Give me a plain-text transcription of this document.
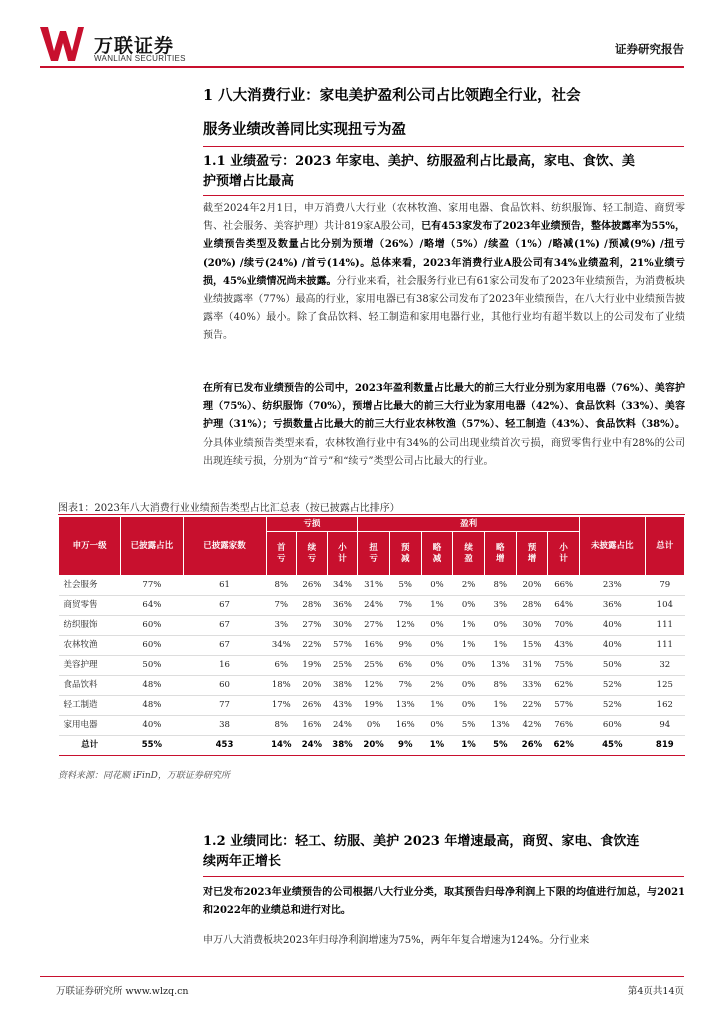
万联证券
WANLIAN SECURITIES
证券研究报告
1 八大消费行业：家电美护盈利公司占比领跑全行业，社会
服务业绩改善同比实现扭亏为盈
1.1 业绩盈亏：2023 年家电、美护、纺服盈利占比最高，家电、食饮、美
护预增占比最高
截至2024年2月1日，申万消费八大行业（农林牧渔、家用电器、食品饮料、纺织服饰、轻工制造、商贸零售、社会服务、美容护理）共计819家A股公司，已有453家发布了2023年业绩预告，整体披露率为55%，业绩预告类型及数量占比分别为预增（26%）/略增（5%）/续盈（1%）/略减(1%) /预减(9%) /扭亏(20%) /续亏(24%) /首亏(14%)。总体来看，2023年消费行业A股公司有34%业绩盈利，21%业绩亏损，45%业绩情况尚未披露。分行业来看，社会服务行业已有61家公司发布了2023年业绩预告，为消费板块业绩披露率（77%）最高的行业，家用电器已有38家公司发布了2023年业绩预告，在八大行业中业绩预告披露率（40%）最小。除了食品饮料、轻工制造和家用电器行业，其他行业均有超半数以上的公司发布了业绩预告。
在所有已发布业绩预告的公司中，2023年盈利数量占比最大的前三大行业分别为家用电器（76%）、美容护理（75%）、纺织服饰（70%），预增占比最大的前三大行业为家用电器（42%）、食品饮料（33%）、美容护理（31%）；亏损数量占比最大的前三大行业农林牧渔（57%）、轻工制造（43%）、食品饮料（38%）。分具体业绩预告类型来看，农林牧渔行业中有34%的公司出现业绩首次亏损，商贸零售行业中有28%的公司出现连续亏损，分别为“首亏”和“续亏”类型公司占比最大的行业。
图表1：2023年八大消费行业业绩预告类型占比汇总表（按已披露占比排序）
申万一级	已披露占比	已披露家数	亏损			盈利							未披露占比	总计
			首亏	续亏	小计	扭亏	预减	略减	续盈	略增	预增	小计		
社会服务	77%	61	8%	26%	34%	31%	5%	0%	2%	8%	20%	66%	23%	79
商贸零售	64%	67	7%	28%	36%	24%	7%	1%	0%	3%	28%	64%	36%	104
纺织服饰	60%	67	3%	27%	30%	27%	12%	0%	1%	0%	30%	70%	40%	111
农林牧渔	60%	67	34%	22%	57%	16%	9%	0%	1%	1%	15%	43%	40%	111
美容护理	50%	16	6%	19%	25%	25%	6%	0%	0%	13%	31%	75%	50%	32
食品饮料	48%	60	18%	20%	38%	12%	7%	2%	0%	8%	33%	62%	52%	125
轻工制造	48%	77	17%	26%	43%	19%	13%	1%	0%	1%	22%	57%	52%	162
家用电器	40%	38	8%	16%	24%	0%	16%	0%	5%	13%	42%	76%	60%	94
总计	55%	453	14%	24%	38%	20%	9%	1%	1%	5%	26%	62%	45%	819
资料来源：同花顺 iFinD，万联证券研究所
1.2 业绩同比：轻工、纺服、美护 2023 年增速最高，商贸、家电、食饮连
续两年正增长
对已发布2023年业绩预告的公司根据八大行业分类，取其预告归母净利润上下限的均值进行加总，与2021和2022年的业绩总和进行对比。
申万八大消费板块2023年归母净利润增速为75%，两年年复合增速为124%。分行业来
万联证券研究所 www.wlzq.cn	第4页共14页
